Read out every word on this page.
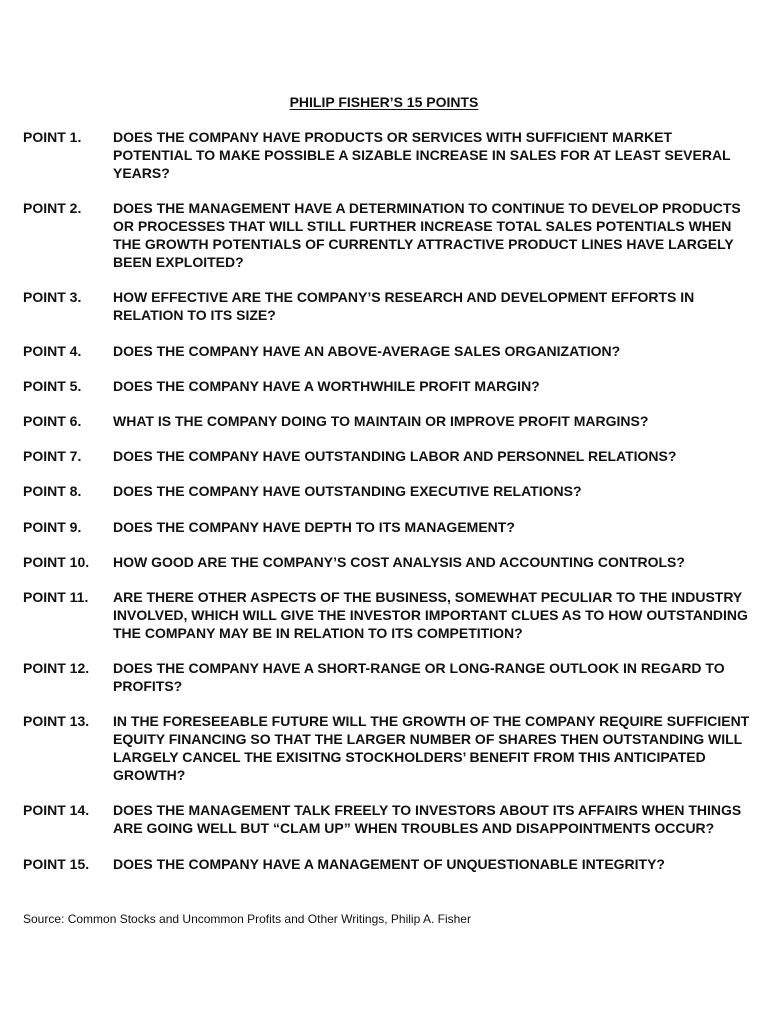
PHILIP FISHER’S 15 POINTS
POINT 1.	DOES THE COMPANY HAVE PRODUCTS OR SERVICES WITH SUFFICIENT MARKET POTENTIAL TO MAKE POSSIBLE A SIZABLE INCREASE IN SALES FOR AT LEAST SEVERAL YEARS?
POINT 2.	DOES THE MANAGEMENT HAVE A DETERMINATION TO CONTINUE TO DEVELOP PRODUCTS OR PROCESSES THAT WILL STILL FURTHER INCREASE TOTAL SALES POTENTIALS WHEN THE GROWTH POTENTIALS OF CURRENTLY ATTRACTIVE PRODUCT LINES HAVE LARGELY BEEN EXPLOITED?
POINT 3.	HOW EFFECTIVE ARE THE COMPANY’S RESEARCH AND DEVELOPMENT EFFORTS IN RELATION TO ITS SIZE?
POINT 4.	DOES THE COMPANY HAVE AN ABOVE-AVERAGE SALES ORGANIZATION?
POINT 5.	DOES THE COMPANY HAVE A WORTHWHILE PROFIT MARGIN?
POINT 6.	WHAT IS THE COMPANY DOING TO MAINTAIN OR IMPROVE PROFIT MARGINS?
POINT 7.	DOES THE COMPANY HAVE OUTSTANDING LABOR AND PERSONNEL RELATIONS?
POINT 8.	DOES THE COMPANY HAVE OUTSTANDING EXECUTIVE RELATIONS?
POINT 9.	DOES THE COMPANY HAVE DEPTH TO ITS MANAGEMENT?
POINT 10.	HOW GOOD ARE THE COMPANY’S COST ANALYSIS AND ACCOUNTING CONTROLS?
POINT 11.	ARE THERE OTHER ASPECTS OF THE BUSINESS, SOMEWHAT PECULIAR TO THE INDUSTRY INVOLVED, WHICH WILL GIVE THE INVESTOR IMPORTANT CLUES AS TO HOW OUTSTANDING THE COMPANY MAY BE IN RELATION TO ITS COMPETITION?
POINT 12.	DOES THE COMPANY HAVE A SHORT-RANGE OR LONG-RANGE OUTLOOK IN REGARD TO PROFITS?
POINT 13.	IN THE FORESEEABLE FUTURE WILL THE GROWTH OF THE COMPANY REQUIRE SUFFICIENT EQUITY FINANCING SO THAT THE LARGER NUMBER OF SHARES THEN OUTSTANDING WILL LARGELY CANCEL THE EXISITNG STOCKHOLDERS’ BENEFIT FROM THIS ANTICIPATED GROWTH?
POINT 14.	DOES THE MANAGEMENT TALK FREELY TO INVESTORS ABOUT ITS AFFAIRS WHEN THINGS ARE GOING WELL BUT “CLAM UP” WHEN TROUBLES AND DISAPPOINTMENTS OCCUR?
POINT 15.	DOES THE COMPANY HAVE A MANAGEMENT OF UNQUESTIONABLE INTEGRITY?
Source: Common Stocks and Uncommon Profits and Other Writings, Philip A. Fisher
